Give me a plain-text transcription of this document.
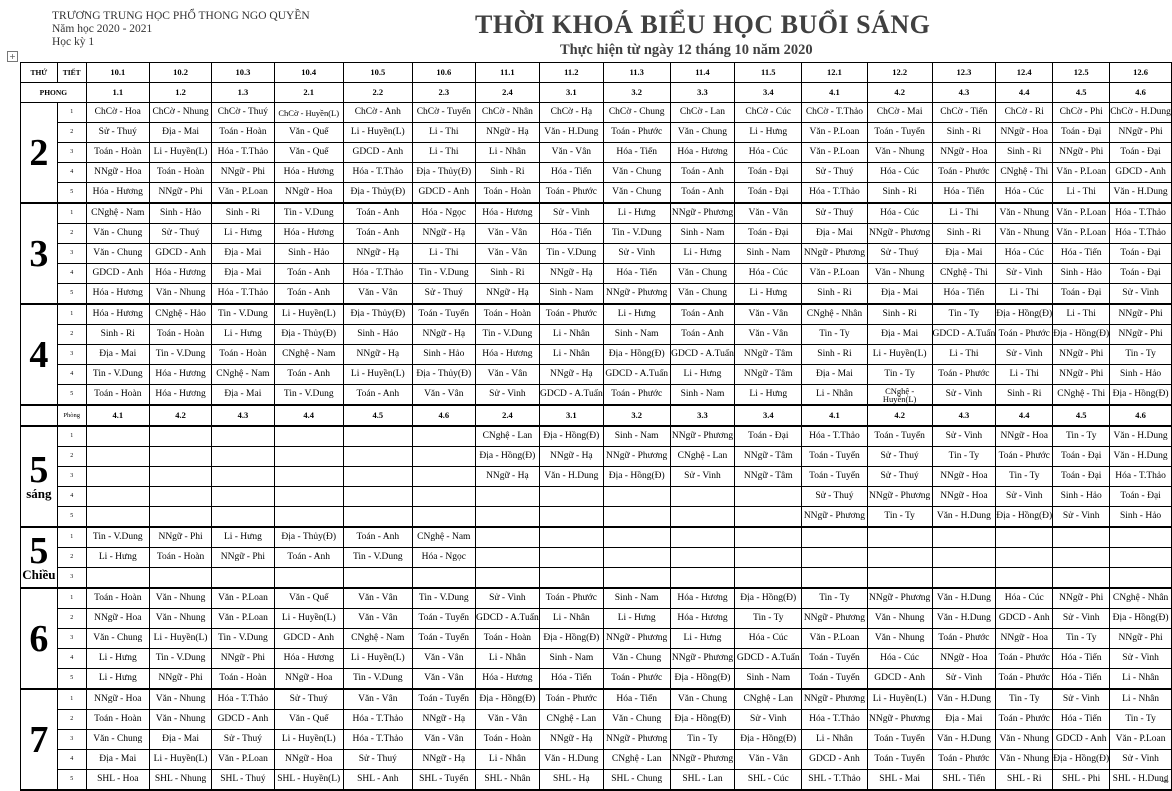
TRƯƠNG TRUNG HỌC PHỔ THONG NGO QUYỀN
Năm học 2020 - 2021
Học kỳ 1
THỜI KHOÁ BIỂU HỌC BUỔI SÁNG
Thực hiện từ ngày 12 tháng 10 năm 2020
+
THỨ	TIẾT	10.1	10.2	10.3	10.4	10.5	10.6	11.1	11.2	11.3	11.4	11.5	12.1	12.2	12.3	12.4	12.5	12.6
PHONG		1.1	1.2	1.3	2.1	2.2	2.3	2.4	3.1	3.2	3.3	3.4	4.1	4.2	4.3	4.4	4.5	4.6
2	1	ChCờ - Hoa	ChCờ - Nhung	ChCờ - Thuý	ChCờ - Huyền(L)	ChCờ - Anh	ChCờ - Tuyến	ChCờ - Nhân	ChCờ - Hạ	ChCờ - Chung	ChCờ - Lan	ChCờ - Cúc	ChCờ - T.Thảo	ChCờ - Mai	ChCờ - Tiến	ChCờ - Ri	ChCờ - Phi	ChCờ - H.Dung
	2	Sử - Thuý	Địa - Mai	Toán - Hoàn	Văn - Quế	Li - Huyền(L)	Li - Thi	NNgữ - Hạ	Văn - H.Dung	Toán - Phước	Văn - Chung	Li - Hưng	Văn - P.Loan	Toán - Tuyến	Sinh - Ri	NNgữ - Hoa	Toán - Đại	NNgữ - Phi
	3	Toán - Hoàn	Li - Huyền(L)	Hóa - T.Thảo	Văn - Quế	GDCD - Anh	Li - Thi	Li - Nhân	Văn - Vân	Hóa - Tiến	Hóa - Hương	Hóa - Cúc	Văn - P.Loan	Văn - Nhung	NNgữ - Hoa	Sinh - Ri	NNgữ - Phi	Toán - Đại
	4	NNgữ - Hoa	Toán - Hoàn	NNgữ - Phi	Hóa - Hương	Hóa - T.Thảo	Địa - Thủy(Đ)	Sinh - Ri	Hóa - Tiến	Văn - Chung	Toán - Anh	Toán - Đại	Sử - Thuý	Hóa - Cúc	Toán - Phước	CNghệ - Thi	Văn - P.Loan	GDCD - Anh
	5	Hóa - Hương	NNgữ - Phi	Văn - P.Loan	NNgữ - Hoa	Địa - Thủy(Đ)	GDCD - Anh	Toán - Hoàn	Toán - Phước	Văn - Chung	Toán - Anh	Toán - Đại	Hóa - T.Thảo	Sinh - Ri	Hóa - Tiến	Hóa - Cúc	Li - Thi	Văn - H.Dung
3	1	CNghệ - Nam	Sinh - Hảo	Sinh - Ri	Tin - V.Dung	Toán - Anh	Hóa - Ngọc	Hóa - Hương	Sử - Vinh	Li - Hưng	NNgữ - Phương	Văn - Vân	Sử - Thuý	Hóa - Cúc	Li - Thi	Văn - Nhung	Văn - P.Loan	Hóa - T.Thảo
	2	Văn - Chung	Sử - Thuý	Li - Hưng	Hóa - Hương	Toán - Anh	NNgữ - Hạ	Văn - Vân	Hóa - Tiến	Tin - V.Dung	Sinh - Nam	Toán - Đại	Địa - Mai	NNgữ - Phương	Sinh - Ri	Văn - Nhung	Văn - P.Loan	Hóa - T.Thảo
	3	Văn - Chung	GDCD - Anh	Địa - Mai	Sinh - Hảo	NNgữ - Hạ	Li - Thi	Văn - Vân	Tin - V.Dung	Sử - Vinh	Li - Hưng	Sinh - Nam	NNgữ - Phương	Sử - Thuý	Địa - Mai	Hóa - Cúc	Hóa - Tiến	Toán - Đại
	4	GDCD - Anh	Hóa - Hương	Địa - Mai	Toán - Anh	Hóa - T.Thảo	Tin - V.Dung	Sinh - Ri	NNgữ - Hạ	Hóa - Tiến	Văn - Chung	Hóa - Cúc	Văn - P.Loan	Văn - Nhung	CNghệ - Thi	Sử - Vinh	Sinh - Hảo	Toán - Đại
	5	Hóa - Hương	Văn - Nhung	Hóa - T.Thảo	Toán - Anh	Văn - Vân	Sử - Thuý	NNgữ - Hạ	Sinh - Nam	NNgữ - Phương	Văn - Chung	Li - Hưng	Sinh - Ri	Địa - Mai	Hóa - Tiến	Li - Thi	Toán - Đại	Sử - Vinh
4	1	Hóa - Hương	CNghệ - Hảo	Tin - V.Dung	Li - Huyền(L)	Địa - Thủy(Đ)	Toán - Tuyến	Toán - Hoàn	Toán - Phước	Li - Hưng	Toán - Anh	Văn - Vân	CNghệ - Nhân	Sinh - Ri	Tin - Ty	Địa - Hồng(Đ)	Li - Thi	NNgữ - Phi
	2	Sinh - Ri	Toán - Hoàn	Li - Hưng	Địa - Thủy(Đ)	Sinh - Hảo	NNgữ - Hạ	Tin - V.Dung	Li - Nhân	Sinh - Nam	Toán - Anh	Văn - Vân	Tin - Ty	Địa - Mai	GDCD - A.Tuấn	Toán - Phước	Địa - Hồng(Đ)	NNgữ - Phi
	3	Địa - Mai	Tin - V.Dung	Toán - Hoàn	CNghệ - Nam	NNgữ - Hạ	Sinh - Hảo	Hóa - Hương	Li - Nhân	Địa - Hồng(Đ)	GDCD - A.Tuấn	NNgữ - Tâm	Sinh - Ri	Li - Huyền(L)	Li - Thi	Sử - Vinh	NNgữ - Phi	Tin - Ty
	4	Tin - V.Dung	Hóa - Hương	CNghệ - Nam	Toán - Anh	Li - Huyền(L)	Địa - Thủy(Đ)	Văn - Vân	NNgữ - Hạ	GDCD - A.Tuấn	Li - Hưng	NNgữ - Tâm	Địa - Mai	Tin - Ty	Toán - Phước	Li - Thi	NNgữ - Phi	Sinh - Hảo
	5	Toán - Hoàn	Hóa - Hương	Địa - Mai	Tin - V.Dung	Toán - Anh	Văn - Vân	Sử - Vinh	GDCD - A.Tuấn	Toán - Phước	Sinh - Nam	Li - Hưng	Li - Nhân	CNghệ - Huyền(L)	Sử - Vinh	Sinh - Ri	CNghệ - Thi	Địa - Hồng(Đ)
	Phòng	4.1	4.2	4.3	4.4	4.5	4.6	2.4	3.1	3.2	3.3	3.4	4.1	4.2	4.3	4.4	4.5	4.6
5
sáng	1							CNghệ - Lan	Địa - Hồng(Đ)	Sinh - Nam	NNgữ - Phương	Toán - Đại	Hóa - T.Thảo	Toán - Tuyến	Sử - Vinh	NNgữ - Hoa	Tin - Ty	Văn - H.Dung
	2							Địa - Hồng(Đ)	NNgữ - Hạ	NNgữ - Phương	CNghệ - Lan	NNgữ - Tâm	Toán - Tuyến	Sử - Thuý	Tin - Ty	Toán - Phước	Toán - Đại	Văn - H.Dung
	3							NNgữ - Hạ	Văn - H.Dung	Địa - Hồng(Đ)	Sử - Vinh	NNgữ - Tâm	Toán - Tuyến	Sử - Thuý	NNgữ - Hoa	Tin - Ty	Toán - Đại	Hóa - T.Thảo
	4												Sử - Thuý	NNgữ - Phương	NNgữ - Hoa	Sử - Vinh	Sinh - Hảo	Toán - Đại
	5												NNgữ - Phương	Tin - Ty	Văn - H.Dung	Địa - Hồng(Đ)	Sử - Vinh	Sinh - Hảo
5
Chiều	1	Tin - V.Dung	NNgữ - Phi	Li - Hưng	Địa - Thủy(Đ)	Toán - Anh	CNghệ - Nam											
	2	Li - Hưng	Toán - Hoàn	NNgữ - Phi	Toán - Anh	Tin - V.Dung	Hóa - Ngọc											
	3																	
6	1	Toán - Hoàn	Văn - Nhung	Văn - P.Loan	Văn - Quế	Văn - Vân	Tin - V.Dung	Sử - Vinh	Toán - Phước	Sinh - Nam	Hóa - Hương	Địa - Hồng(Đ)	Tin - Ty	NNgữ - Phương	Văn - H.Dung	Hóa - Cúc	NNgữ - Phi	CNghệ - Nhân
	2	NNgữ - Hoa	Văn - Nhung	Văn - P.Loan	Li - Huyền(L)	Văn - Vân	Toán - Tuyến	GDCD - A.Tuấn	Li - Nhân	Li - Hưng	Hóa - Hương	Tin - Ty	NNgữ - Phương	Văn - Nhung	Văn - H.Dung	GDCD - Anh	Sử - Vinh	Địa - Hồng(Đ)
	3	Văn - Chung	Li - Huyền(L)	Tin - V.Dung	GDCD - Anh	CNghệ - Nam	Toán - Tuyến	Toán - Hoàn	Địa - Hồng(Đ)	NNgữ - Phương	Li - Hưng	Hóa - Cúc	Văn - P.Loan	Văn - Nhung	Toán - Phước	NNgữ - Hoa	Tin - Ty	NNgữ - Phi
	4	Li - Hưng	Tin - V.Dung	NNgữ - Phi	Hóa - Hương	Li - Huyền(L)	Văn - Vân	Li - Nhân	Sinh - Nam	Văn - Chung	NNgữ - Phương	GDCD - A.Tuấn	Toán - Tuyến	Hóa - Cúc	NNgữ - Hoa	Toán - Phước	Hóa - Tiến	Sử - Vinh
	5	Li - Hưng	NNgữ - Phi	Toán - Hoàn	NNgữ - Hoa	Tin - V.Dung	Văn - Vân	Hóa - Hương	Hóa - Tiến	Toán - Phước	Địa - Hồng(Đ)	Sinh - Nam	Toán - Tuyến	GDCD - Anh	Sử - Vinh	Toán - Phước	Hóa - Tiến	Li - Nhân
7	1	NNgữ - Hoa	Văn - Nhung	Hóa - T.Thảo	Sử - Thuý	Văn - Vân	Toán - Tuyến	Địa - Hồng(Đ)	Toán - Phước	Hóa - Tiến	Văn - Chung	CNghệ - Lan	NNgữ - Phương	Li - Huyền(L)	Văn - H.Dung	Tin - Ty	Sử - Vinh	Li - Nhân
	2	Toán - Hoàn	Văn - Nhung	GDCD - Anh	Văn - Quế	Hóa - T.Thảo	NNgữ - Hạ	Văn - Vân	CNghệ - Lan	Văn - Chung	Địa - Hồng(Đ)	Sử - Vinh	Hóa - T.Thảo	NNgữ - Phương	Địa - Mai	Toán - Phước	Hóa - Tiến	Tin - Ty
	3	Văn - Chung	Địa - Mai	Sử - Thuý	Li - Huyền(L)	Hóa - T.Thảo	Văn - Vân	Toán - Hoàn	NNgữ - Hạ	NNgữ - Phương	Tin - Ty	Địa - Hồng(Đ)	Li - Nhân	Toán - Tuyến	Văn - H.Dung	Văn - Nhung	GDCD - Anh	Văn - P.Loan
	4	Địa - Mai	Li - Huyền(L)	Văn - P.Loan	NNgữ - Hoa	Sử - Thuý	NNgữ - Hạ	Li - Nhân	Văn - H.Dung	CNghệ - Lan	NNgữ - Phương	Văn - Vân	GDCD - Anh	Toán - Tuyến	Toán - Phước	Văn - Nhung	Địa - Hồng(Đ)	Sử - Vinh
	5	SHL - Hoa	SHL - Nhung	SHL - Thuý	SHL - Huyền(L)	SHL - Anh	SHL - Tuyến	SHL - Nhân	SHL - Hạ	SHL - Chung	SHL - Lan	SHL - Cúc	SHL - T.Thảo	SHL - Mai	SHL - Tiến	SHL - Ri	SHL - Phi	SHL - H.Dung
